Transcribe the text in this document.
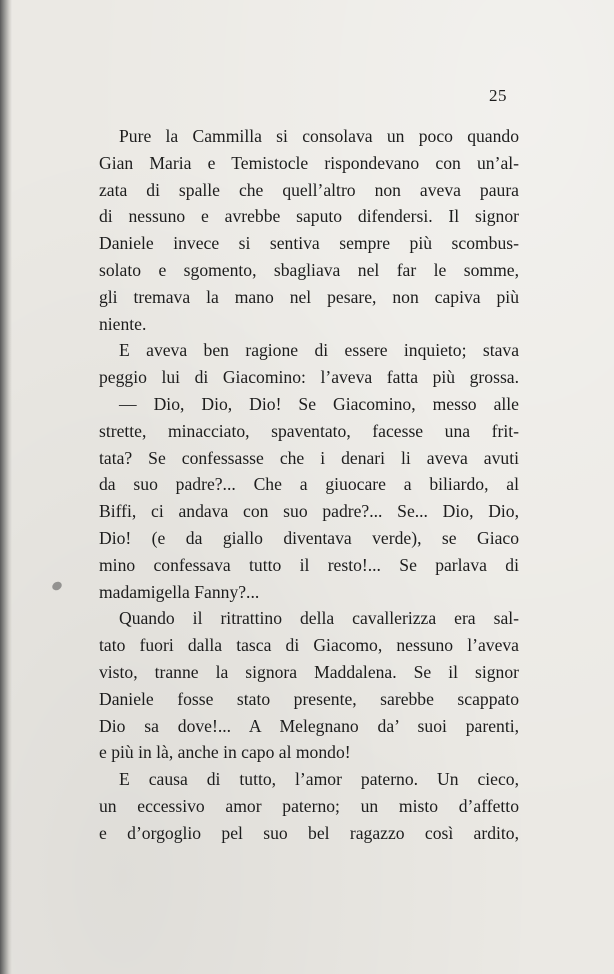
25
Pure la Cammilla si consolava un poco quando
Gian Maria e Temistocle rispondevano con un’al-
zata di spalle che quell’altro non aveva paura
di nessuno e avrebbe saputo difendersi. Il signor
Daniele invece si sentiva sempre più scombus-
solato e sgomento, sbagliava nel far le somme,
gli tremava la mano nel pesare, non capiva più
niente.
E aveva ben ragione di essere inquieto; stava
peggio lui di Giacomino: l’aveva fatta più grossa.
— Dio, Dio, Dio! Se Giacomino, messo alle
strette, minacciato, spaventato, facesse una frit-
tata? Se confessasse che i denari li aveva avuti
da suo padre?... Che a giuocare a biliardo, al
Biffi, ci andava con suo padre?... Se... Dio, Dio,
Dio! (e da giallo diventava verde), se Giaco
mino confessava tutto il resto!... Se parlava di
madamigella Fanny?...
Quando il ritrattino della cavallerizza era sal-
tato fuori dalla tasca di Giacomo, nessuno l’aveva
visto, tranne la signora Maddalena. Se il signor
Daniele fosse stato presente, sarebbe scappato
Dio sa dove!... A Melegnano da’ suoi parenti,
e più in là, anche in capo al mondo!
E causa di tutto, l’amor paterno. Un cieco,
un eccessivo amor paterno; un misto d’affetto
e d’orgoglio pel suo bel ragazzo così ardito,
